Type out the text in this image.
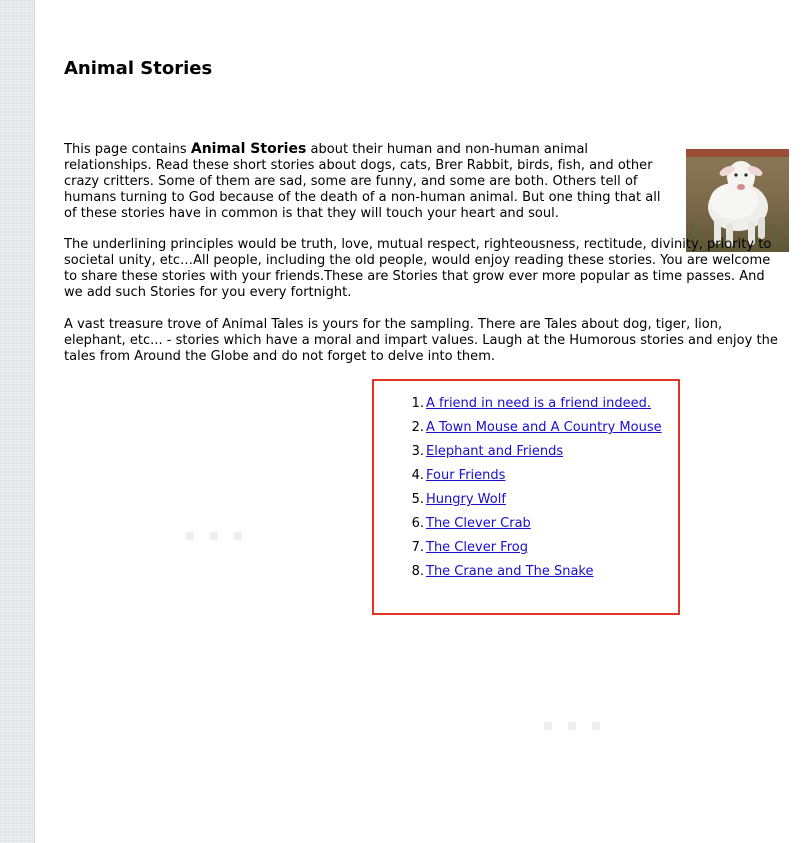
Animal Stories

This page contains Animal Stories about their human and non-human animal relationships. Read these short stories about dogs, cats, Brer Rabbit, birds, fish, and other crazy critters. Some of them are sad, some are funny, and some are both. Others tell of humans turning to God because of the death of a non-human animal. But one thing that all of these stories have in common is that they will touch your heart and soul.

The underlining principles would be truth, love, mutual respect, righteousness, rectitude, divinity, priority to societal unity, etc…All people, including the old people, would enjoy reading these stories. You are welcome to share these stories with your friends.These are Stories that grow ever more popular as time passes. And we add such Stories for you every fortnight.

A vast treasure trove of Animal Tales is yours for the sampling. There are Tales about dog, tiger, lion, elephant, etc... - stories which have a moral and impart values. Laugh at the Humorous stories and enjoy the tales from Around the Globe and do not forget to delve into them.

1. A friend in need is a friend indeed.
2. A Town Mouse and A Country Mouse
3. Elephant and Friends
4. Four Friends
5. Hungry Wolf
6. The Clever Crab
7. The Clever Frog
8. The Crane and The Snake
